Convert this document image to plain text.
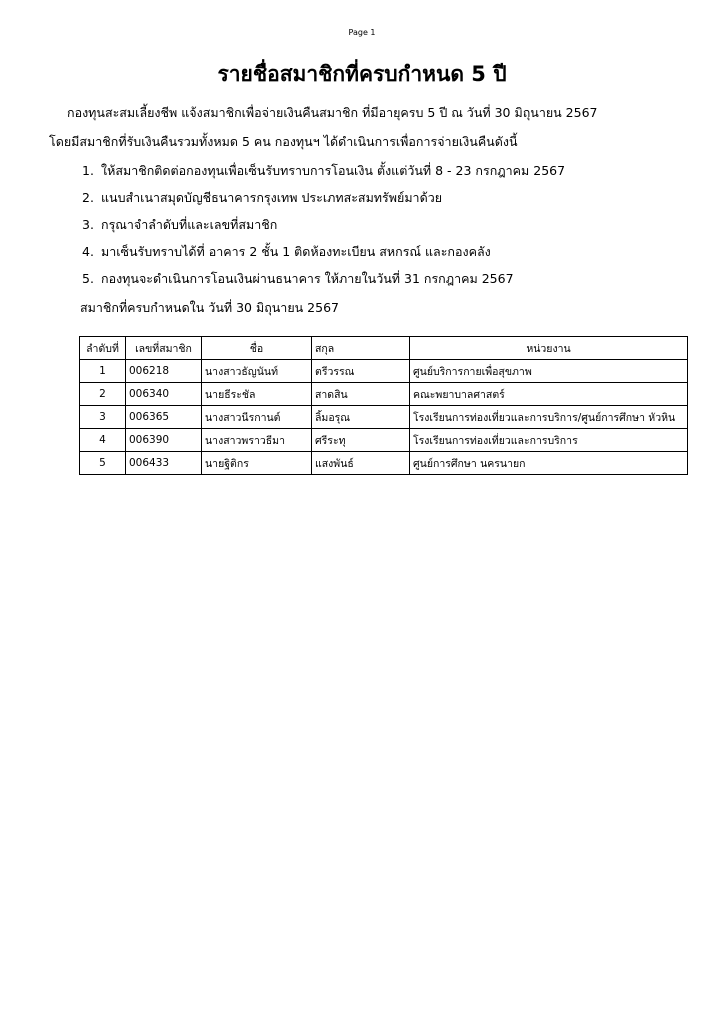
Page 1
รายชื่อสมาชิกที่ครบกำหนด 5 ปี
กองทุนสะสมเลี้ยงชีพ แจ้งสมาชิกเพื่อจ่ายเงินคืนสมาชิก ที่มีอายุครบ 5 ปี ณ วันที่ 30 มิถุนายน 2567
โดยมีสมาชิกที่รับเงินคืนรวมทั้งหมด 5 คน กองทุนฯ ได้ดำเนินการเพื่อการจ่ายเงินคืนดังนี้
1. ให้สมาชิกติดต่อกองทุนเพื่อเซ็นรับทราบการโอนเงิน ตั้งแต่วันที่ 8 - 23 กรกฎาคม 2567
2. แนบสำเนาสมุดบัญชีธนาคารกรุงเทพ ประเภทสะสมทรัพย์มาด้วย
3. กรุณาจำลำดับที่และเลขที่สมาชิก
4. มาเซ็นรับทราบได้ที่ อาคาร 2 ชั้น 1 ติดห้องทะเบียน สหกรณ์ และกองคลัง
5. กองทุนจะดำเนินการโอนเงินผ่านธนาคาร ให้ภายในวันที่ 31 กรกฎาคม 2567
สมาชิกที่ครบกำหนดใน วันที่ 30 มิถุนายน 2567
ลำดับที่	เลขที่สมาชิก	ชื่อ	สกุล	หน่วยงาน
1	006218	นางสาวธัญนันท์	ตรีวรรณ	ศูนย์บริการกายเพื่อสุขภาพ
2	006340	นายธีระชัล	สาดสิน	คณะพยาบาลศาสตร์
3	006365	นางสาวนีรกานต์	ลิ้มอรุณ	โรงเรียนการท่องเที่ยวและการบริการ/ศูนย์การศึกษา หัวหิน
4	006390	นางสาวพราวธีมา	ศรีระทุ	โรงเรียนการท่องเที่ยวและการบริการ
5	006433	นายฐิติกร	แสงพันธ์	ศูนย์การศึกษา นครนายก
